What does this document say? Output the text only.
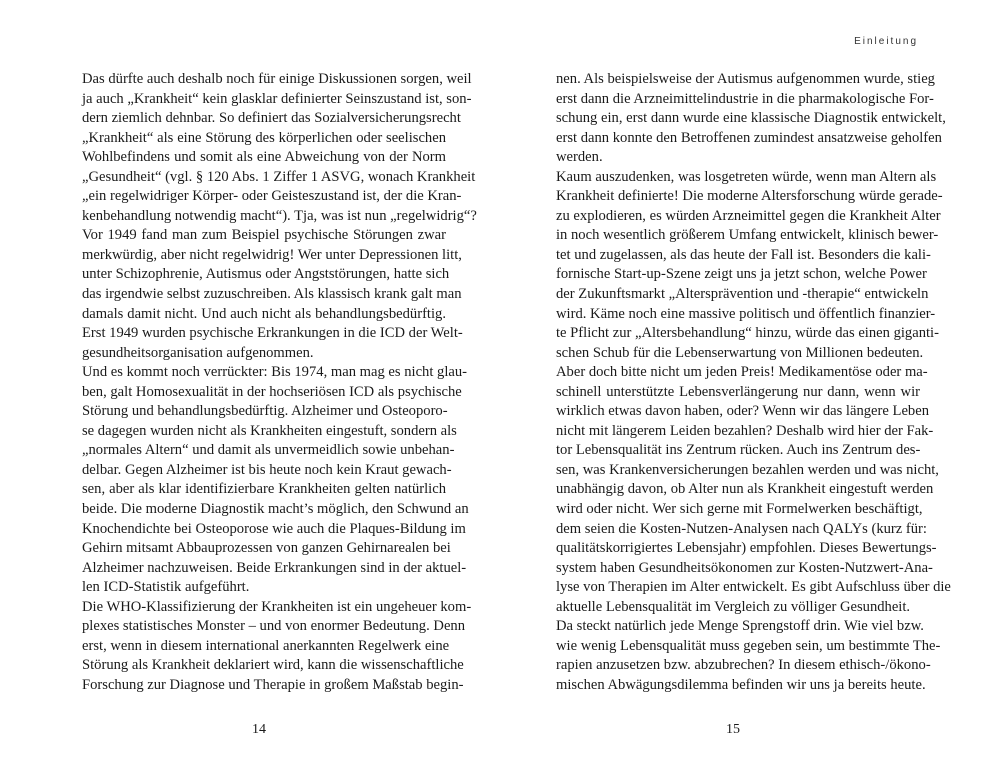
Einleitung
Das dürfte auch deshalb noch für einige Diskussionen sorgen, weil
ja auch „Krankheit“ kein glasklar definierter Seinszustand ist, son-
dern ziemlich dehnbar. So definiert das Sozialversicherungsrecht
„Krankheit“ als eine Störung des körperlichen oder seelischen
Wohlbefindens und somit als eine Abweichung von der Norm
„Gesundheit“ (vgl. § 120 Abs. 1 Ziffer 1 ASVG, wonach Krankheit
„ein regelwidriger Körper- oder Geisteszustand ist, der die Kran-
kenbehandlung notwendig macht“). Tja, was ist nun „regelwidrig“?
Vor 1949 fand man zum Beispiel psychische Störungen zwar
merkwürdig, aber nicht regelwidrig! Wer unter Depressionen litt,
unter Schizophrenie, Autismus oder Angststörungen, hatte sich
das irgendwie selbst zuzuschreiben. Als klassisch krank galt man
damals damit nicht. Und auch nicht als behandlungsbedürftig.
Erst 1949 wurden psychische Erkrankungen in die ICD der Welt-
gesundheitsorganisation aufgenommen.
Und es kommt noch verrückter: Bis 1974, man mag es nicht glau-
ben, galt Homosexualität in der hochseriösen ICD als psychische
Störung und behandlungsbedürftig. Alzheimer und Osteoporo-
se dagegen wurden nicht als Krankheiten eingestuft, sondern als
„normales Altern“ und damit als unvermeidlich sowie unbehan-
delbar. Gegen Alzheimer ist bis heute noch kein Kraut gewach-
sen, aber als klar identifizierbare Krankheiten gelten natürlich
beide. Die moderne Diagnostik macht’s möglich, den Schwund an
Knochendichte bei Osteoporose wie auch die Plaques-Bildung im
Gehirn mitsamt Abbauprozessen von ganzen Gehirnarealen bei
Alzheimer nachzuweisen. Beide Erkrankungen sind in der aktuel-
len ICD-Statistik aufgeführt.
Die WHO-Klassifizierung der Krankheiten ist ein ungeheuer kom-
plexes statistisches Monster – und von enormer Bedeutung. Denn
erst, wenn in diesem international anerkannten Regelwerk eine
Störung als Krankheit deklariert wird, kann die wissenschaftliche
Forschung zur Diagnose und Therapie in großem Maßstab begin-
nen. Als beispielsweise der Autismus aufgenommen wurde, stieg
erst dann die Arzneimittelindustrie in die pharmakologische For-
schung ein, erst dann wurde eine klassische Diagnostik entwickelt,
erst dann konnte den Betroffenen zumindest ansatzweise geholfen
werden.
Kaum auszudenken, was losgetreten würde, wenn man Altern als
Krankheit definierte! Die moderne Altersforschung würde gerade-
zu explodieren, es würden Arzneimittel gegen die Krankheit Alter
in noch wesentlich größerem Umfang entwickelt, klinisch bewer-
tet und zugelassen, als das heute der Fall ist. Besonders die kali-
fornische Start-up-Szene zeigt uns ja jetzt schon, welche Power
der Zukunftsmarkt „Altersprävention und -therapie“ entwickeln
wird. Käme noch eine massive politisch und öffentlich finanzier-
te Pflicht zur „Altersbehandlung“ hinzu, würde das einen giganti-
schen Schub für die Lebenserwartung von Millionen bedeuten.
Aber doch bitte nicht um jeden Preis! Medikamentöse oder ma-
schinell unterstützte Lebensverlängerung nur dann, wenn wir
wirklich etwas davon haben, oder? Wenn wir das längere Leben
nicht mit längerem Leiden bezahlen? Deshalb wird hier der Fak-
tor Lebensqualität ins Zentrum rücken. Auch ins Zentrum des-
sen, was Krankenversicherungen bezahlen werden und was nicht,
unabhängig davon, ob Alter nun als Krankheit eingestuft werden
wird oder nicht. Wer sich gerne mit Formelwerken beschäftigt,
dem seien die Kosten-Nutzen-Analysen nach QALYs (kurz für:
qualitätskorrigiertes Lebensjahr) empfohlen. Dieses Bewertungs-
system haben Gesundheitsökonomen zur Kosten-Nutzwert-Ana-
lyse von Therapien im Alter entwickelt. Es gibt Aufschluss über die
aktuelle Lebensqualität im Vergleich zu völliger Gesundheit.
Da steckt natürlich jede Menge Sprengstoff drin. Wie viel bzw.
wie wenig Lebensqualität muss gegeben sein, um bestimmte The-
rapien anzusetzen bzw. abzubrechen? In diesem ethisch-/ökono-
mischen Abwägungsdilemma befinden wir uns ja bereits heute.
14	15
